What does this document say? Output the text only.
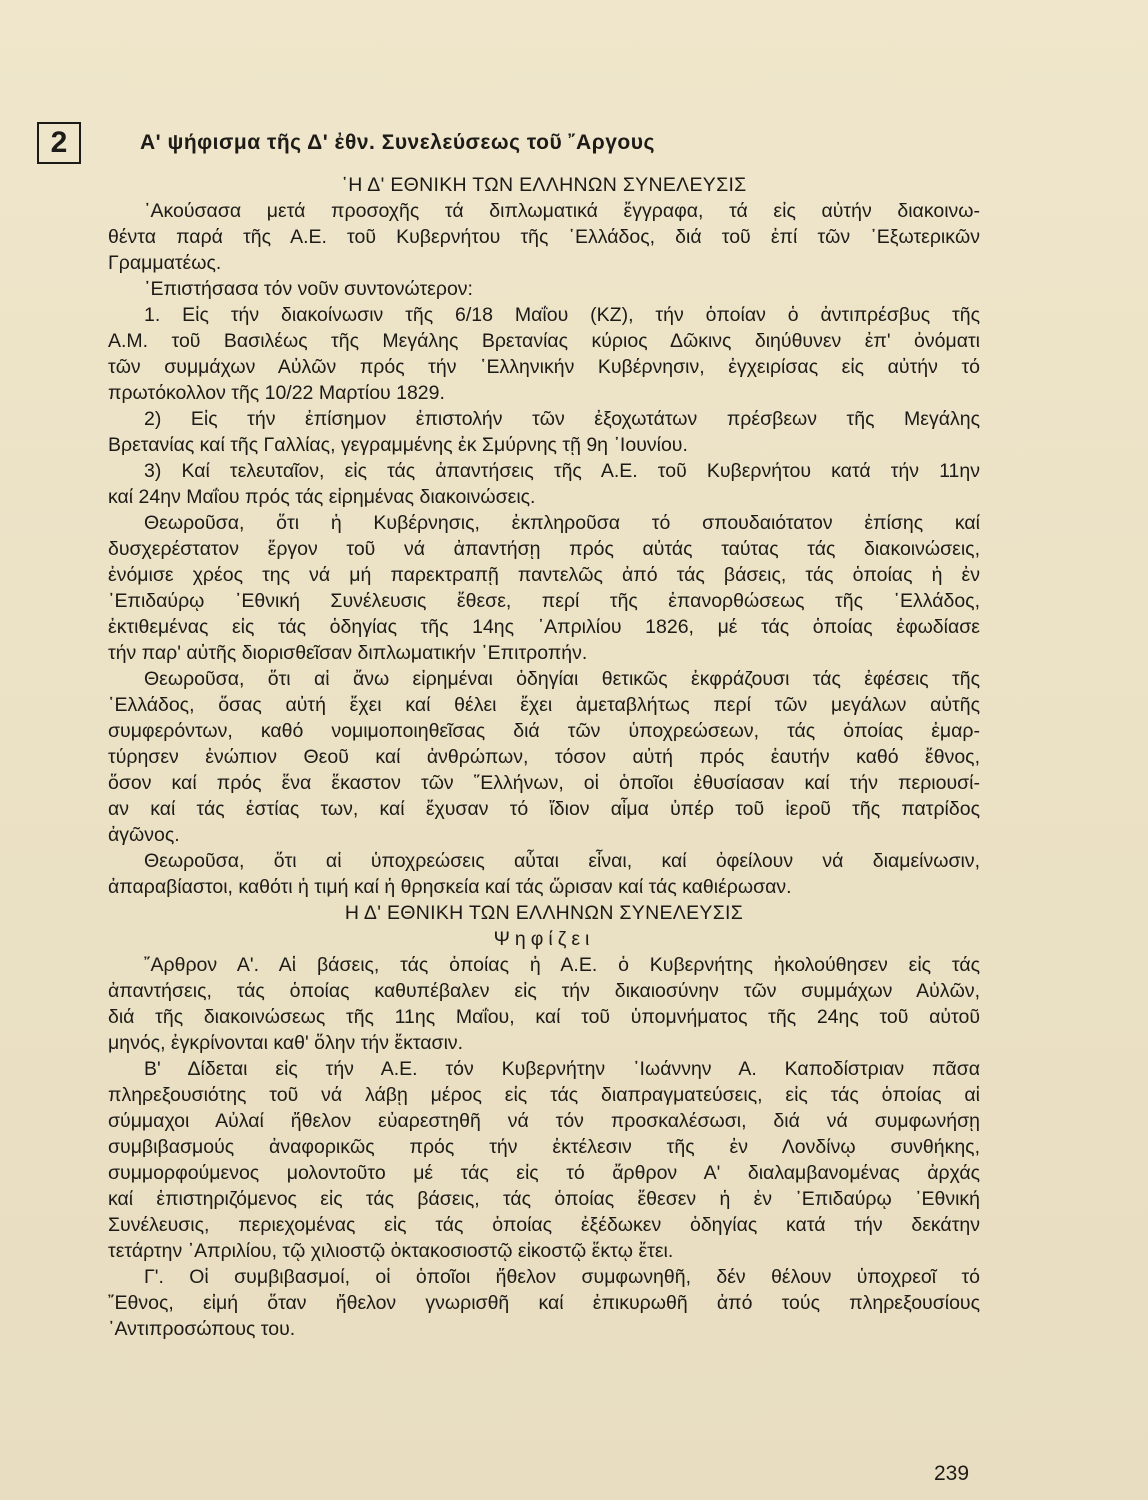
2	Α' ψήφισμα τῆς Δ' ἐθν. Συνελεύσεως τοῦ ῎Αργους

῾Η Δ' ΕΘΝΙΚΗ ΤΩΝ ΕΛΛΗΝΩΝ ΣΥΝΕΛΕΥΣΙΣ

᾿Ακούσασα μετά προσοχῆς τά διπλωματικά ἔγγραφα, τά εἰς αὐτήν διακοινω-
θέντα παρά τῆς Α.Ε. τοῦ Κυβερνήτου τῆς ῾Ελλάδος, διά τοῦ ἐπί τῶν ᾿Εξωτερικῶν
Γραμματέως.
᾿Επιστήσασα τόν νοῦν συντονώτερον:
1. Εἰς τήν διακοίνωσιν τῆς 6/18 Μαΐου (ΚΖ), τήν ὁποίαν ὁ ἀντιπρέσβυς τῆς
Α.Μ. τοῦ Βασιλέως τῆς Μεγάλης Βρετανίας κύριος Δῶκινς διηύθυνεν ἐπ' ὀνόματι
τῶν συμμάχων Αὐλῶν πρός τήν ῾Ελληνικήν Κυβέρνησιν, ἐγχειρίσας εἰς αὐτήν τό
πρωτόκολλον τῆς 10/22 Μαρτίου 1829.
2) Εἰς τήν ἐπίσημον ἐπιστολήν τῶν ἐξοχωτάτων πρέσβεων τῆς Μεγάλης
Βρετανίας καί τῆς Γαλλίας, γεγραμμένης ἐκ Σμύρνης τῇ 9η ᾿Ιουνίου.
3) Καί τελευταῖον, εἰς τάς ἀπαντήσεις τῆς Α.Ε. τοῦ Κυβερνήτου κατά τήν 11ην
καί 24ην Μαΐου πρός τάς εἰρημένας διακοινώσεις.
Θεωροῦσα, ὅτι ἡ Κυβέρνησις, ἐκπληροῦσα τό σπουδαιότατον ἐπίσης καί
δυσχερέστατον ἔργον τοῦ νά ἀπαντήσῃ πρός αὐτάς ταύτας τάς διακοινώσεις,
ἐνόμισε χρέος της νά μή παρεκτραπῇ παντελῶς ἀπό τάς βάσεις, τάς ὁποίας ἡ ἐν
᾿Επιδαύρῳ ᾿Εθνική Συνέλευσις ἔθεσε, περί τῆς ἐπανορθώσεως τῆς ῾Ελλάδος,
ἐκτιθεμένας εἰς τάς ὁδηγίας τῆς 14ης ᾿Απριλίου 1826, μέ τάς ὁποίας ἐφωδίασε
τήν παρ' αὐτῆς διορισθεῖσαν διπλωματικήν ᾿Επιτροπήν.
Θεωροῦσα, ὅτι αἱ ἄνω εἰρημέναι ὁδηγίαι θετικῶς ἐκφράζουσι τάς ἐφέσεις τῆς
῾Ελλάδος, ὅσας αὐτή ἔχει καί θέλει ἔχει ἀμεταβλήτως περί τῶν μεγάλων αὐτῆς
συμφερόντων, καθό νομιμοποιηθεῖσας διά τῶν ὑποχρεώσεων, τάς ὁποίας ἐμαρ-
τύρησεν ἐνώπιον Θεοῦ καί ἀνθρώπων, τόσον αὐτή πρός ἑαυτήν καθό ἔθνος,
ὅσον καί πρός ἕνα ἕκαστον τῶν ῞Ελλήνων, οἱ ὁποῖοι ἐθυσίασαν καί τήν περιουσί-
αν καί τάς ἑστίας των, καί ἔχυσαν τό ἴδιον αἷμα ὑπέρ τοῦ ἱεροῦ τῆς πατρίδος
ἀγῶνος.
Θεωροῦσα, ὅτι αἱ ὑποχρεώσεις αὗται εἶναι, καί ὀφείλουν νά διαμείνωσιν,
ἀπαραβίαστοι, καθότι ἡ τιμή καί ἡ θρησκεία καί τάς ὥρισαν καί τάς καθιέρωσαν.

Η Δ' ΕΘΝΙΚΗ ΤΩΝ ΕΛΛΗΝΩΝ ΣΥΝΕΛΕΥΣΙΣ

Ψηφίζει

῎Αρθρον Α'. Αἱ βάσεις, τάς ὁποίας ἡ Α.Ε. ὁ Κυβερνήτης ἠκολούθησεν εἰς τάς
ἀπαντήσεις, τάς ὁποίας καθυπέβαλεν εἰς τήν δικαιοσύνην τῶν συμμάχων Αὐλῶν,
διά τῆς διακοινώσεως τῆς 11ης Μαΐου, καί τοῦ ὑπομνήματος τῆς 24ης τοῦ αὐτοῦ
μηνός, ἐγκρίνονται καθ' ὅλην τήν ἔκτασιν.
Β' Δίδεται εἰς τήν Α.Ε. τόν Κυβερνήτην ᾿Ιωάννην Α. Καποδίστριαν πᾶσα
πληρεξουσιότης τοῦ νά λάβῃ μέρος εἰς τάς διαπραγματεύσεις, εἰς τάς ὁποίας αἱ
σύμμαχοι Αὐλαί ἤθελον εὐαρεστηθῆ νά τόν προσκαλέσωσι, διά νά συμφωνήσῃ
συμβιβασμούς ἀναφορικῶς πρός τήν ἐκτέλεσιν τῆς ἐν Λονδίνῳ συνθήκης,
συμμορφούμενος μολοντοῦτο μέ τάς εἰς τό ἄρθρον Α' διαλαμβανομένας ἀρχάς
καί ἐπιστηριζόμενος εἰς τάς βάσεις, τάς ὁποίας ἔθεσεν ἡ ἐν ᾿Επιδαύρῳ ᾿Εθνική
Συνέλευσις, περιεχομένας εἰς τάς ὁποίας ἐξέδωκεν ὁδηγίας κατά τήν δεκάτην
τετάρτην ᾿Απριλίου, τῷ χιλιοστῷ ὀκτακοσιοστῷ εἰκοστῷ ἕκτῳ ἔτει.
Γ'. Οἱ συμβιβασμοί, οἱ ὁποῖοι ἤθελον συμφωνηθῆ, δέν θέλουν ὑποχρεοῖ τό
῎Εθνος, εἰμή ὅταν ἤθελον γνωρισθῆ καί ἐπικυρωθῆ ἀπό τούς πληρεξουσίους
᾿Αντιπροσώπους του.
239
